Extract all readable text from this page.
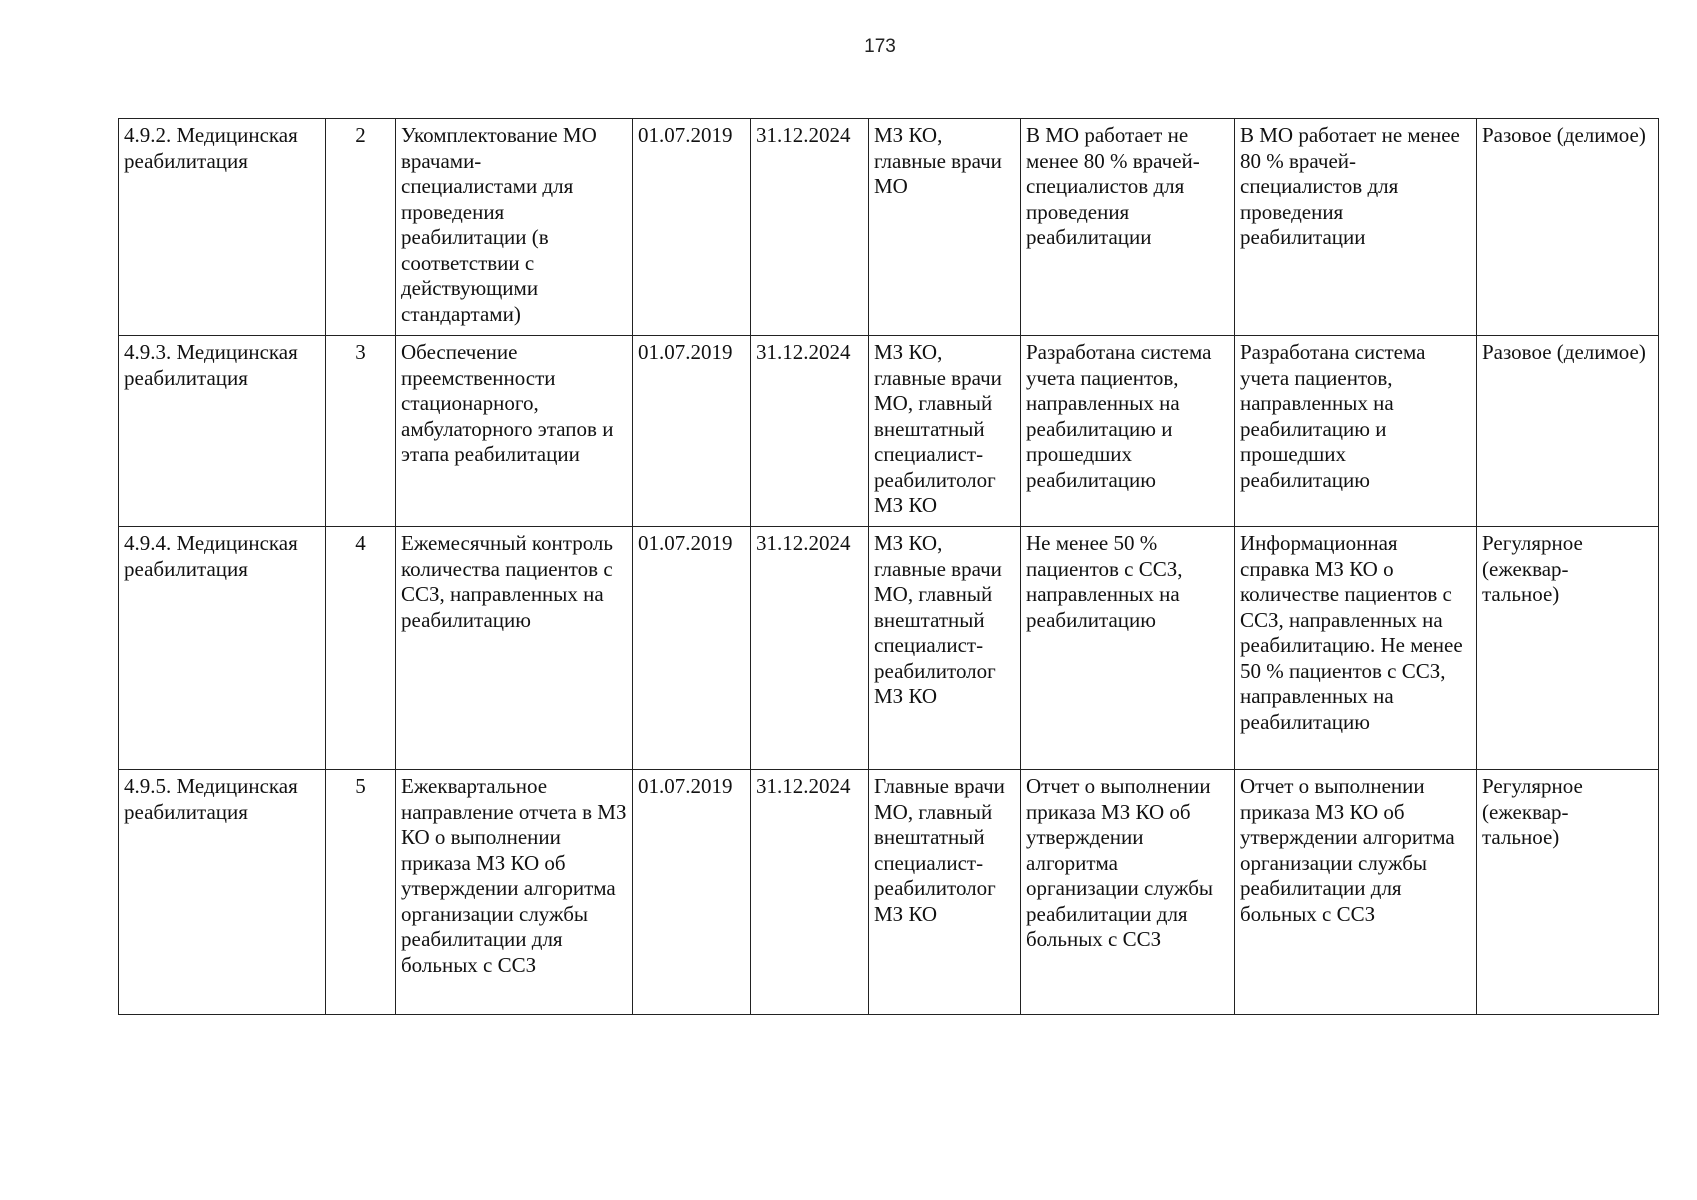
173
4.9.2. Медицинская реабилитация	2	Укомплектование МО врачами-
специалистами для проведения реабилитации (в соответствии с действующими стандартами)	01.07.2019	31.12.2024	МЗ КО, главные врачи МО	В МО работает не менее 80 % врачей-
специалистов для проведения реабилитации	В МО работает не менее 80 % врачей-
специалистов для проведения реабилитации	Разовое (делимое)

4.9.3. Медицинская реабилитация	3	Обеспечение преемственности стационарного, амбулаторного этапов и этапа реабилитации	01.07.2019	31.12.2024	МЗ КО, главные врачи МО, главный внештатный специалист-
реабилитолог МЗ КО	Разработана система учета пациентов, направленных на реабилитацию и прошедших реабилитацию	Разработана система учета пациентов, направленных на реабилитацию и прошедших реабилитацию	Разовое (делимое)

4.9.4. Медицинская реабилитация	4	Ежемесячный контроль количества пациентов с ССЗ, направленных на реабилитацию	01.07.2019	31.12.2024	МЗ КО, главные врачи МО, главный внештатный специалист-
реабилитолог МЗ КО	Не менее 50 % пациентов с ССЗ, направленных на реабилитацию	Информационная справка МЗ КО о количестве пациентов с ССЗ, направленных на реабилитацию. Не менее 50 % пациентов с ССЗ, направленных на реабилитацию	Регулярное (ежеквар-
тальное)

4.9.5. Медицинская реабилитация	5	Ежеквартальное направление отчета в МЗ КО о выполнении приказа МЗ КО об утверждении алгоритма организации службы реабилитации для больных с ССЗ	01.07.2019	31.12.2024	Главные врачи МО, главный внештатный специалист-
реабилитолог МЗ КО	Отчет о выполнении приказа МЗ КО об утверждении алгоритма организации службы реабилитации для больных с ССЗ	Отчет о выполнении приказа МЗ КО об утверждении алгоритма организации службы реабилитации для больных с ССЗ	Регулярное (ежеквар-
тальное)
